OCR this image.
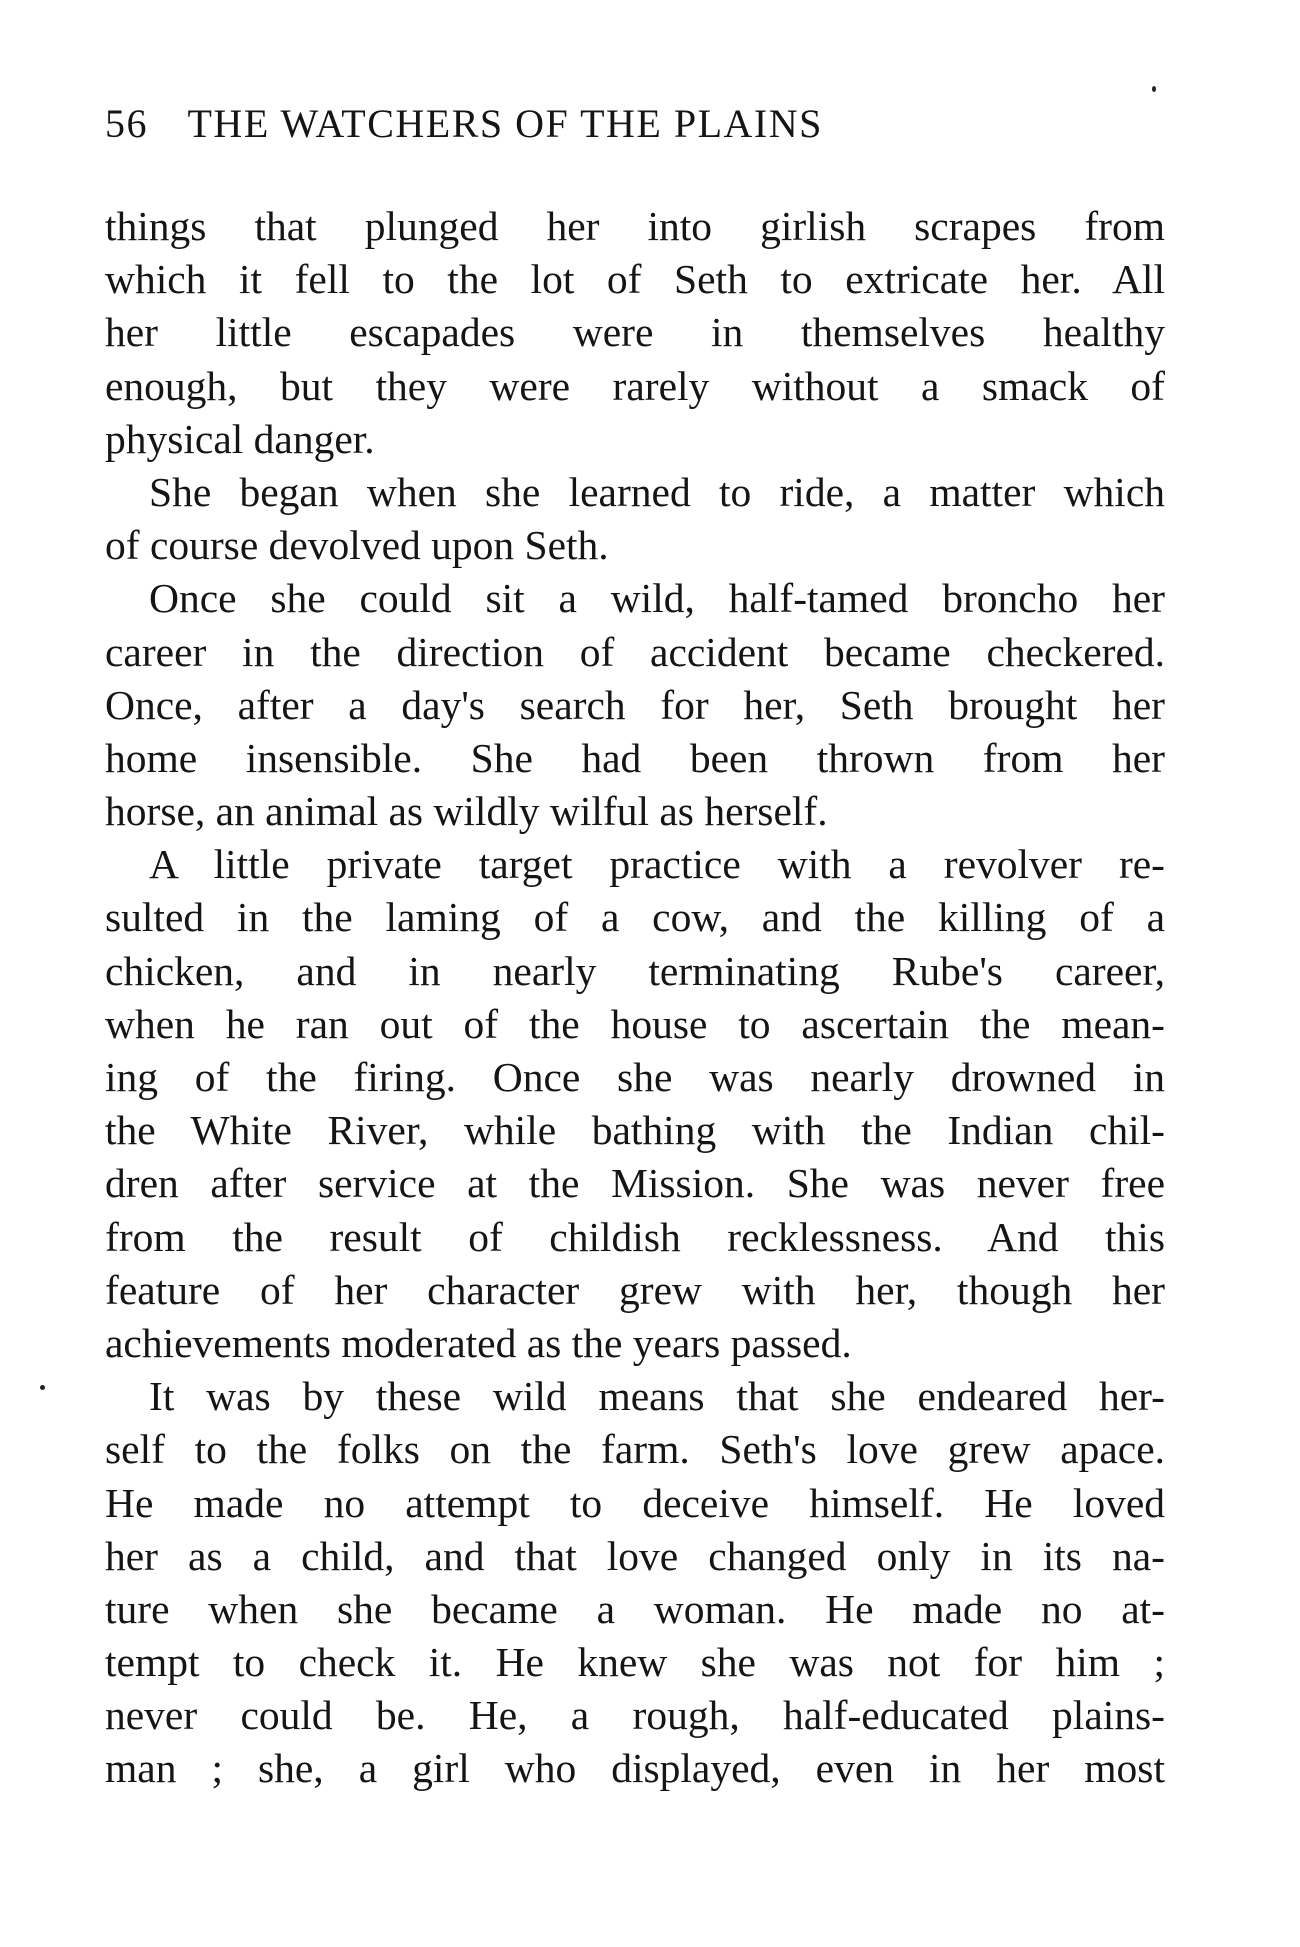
56 THE WATCHERS OF THE PLAINS
things that plunged her into girlish scrapes from
which it fell to the lot of Seth to extricate her. All
her little escapades were in themselves healthy
enough, but they were rarely without a smack of
physical danger.
She began when she learned to ride, a matter which
of course devolved upon Seth.
Once she could sit a wild, half-tamed broncho her
career in the direction of accident became checkered.
Once, after a day's search for her, Seth brought her
home insensible. She had been thrown from her
horse, an animal as wildly wilful as herself.
A little private target practice with a revolver re-
sulted in the laming of a cow, and the killing of a
chicken, and in nearly terminating Rube's career,
when he ran out of the house to ascertain the mean-
ing of the firing. Once she was nearly drowned in
the White River, while bathing with the Indian chil-
dren after service at the Mission. She was never free
from the result of childish recklessness. And this
feature of her character grew with her, though her
achievements moderated as the years passed.
It was by these wild means that she endeared her-
self to the folks on the farm. Seth's love grew apace.
He made no attempt to deceive himself. He loved
her as a child, and that love changed only in its na-
ture when she became a woman. He made no at-
tempt to check it. He knew she was not for him ;
never could be. He, a rough, half-educated plains-
man ; she, a girl who displayed, even in her most
